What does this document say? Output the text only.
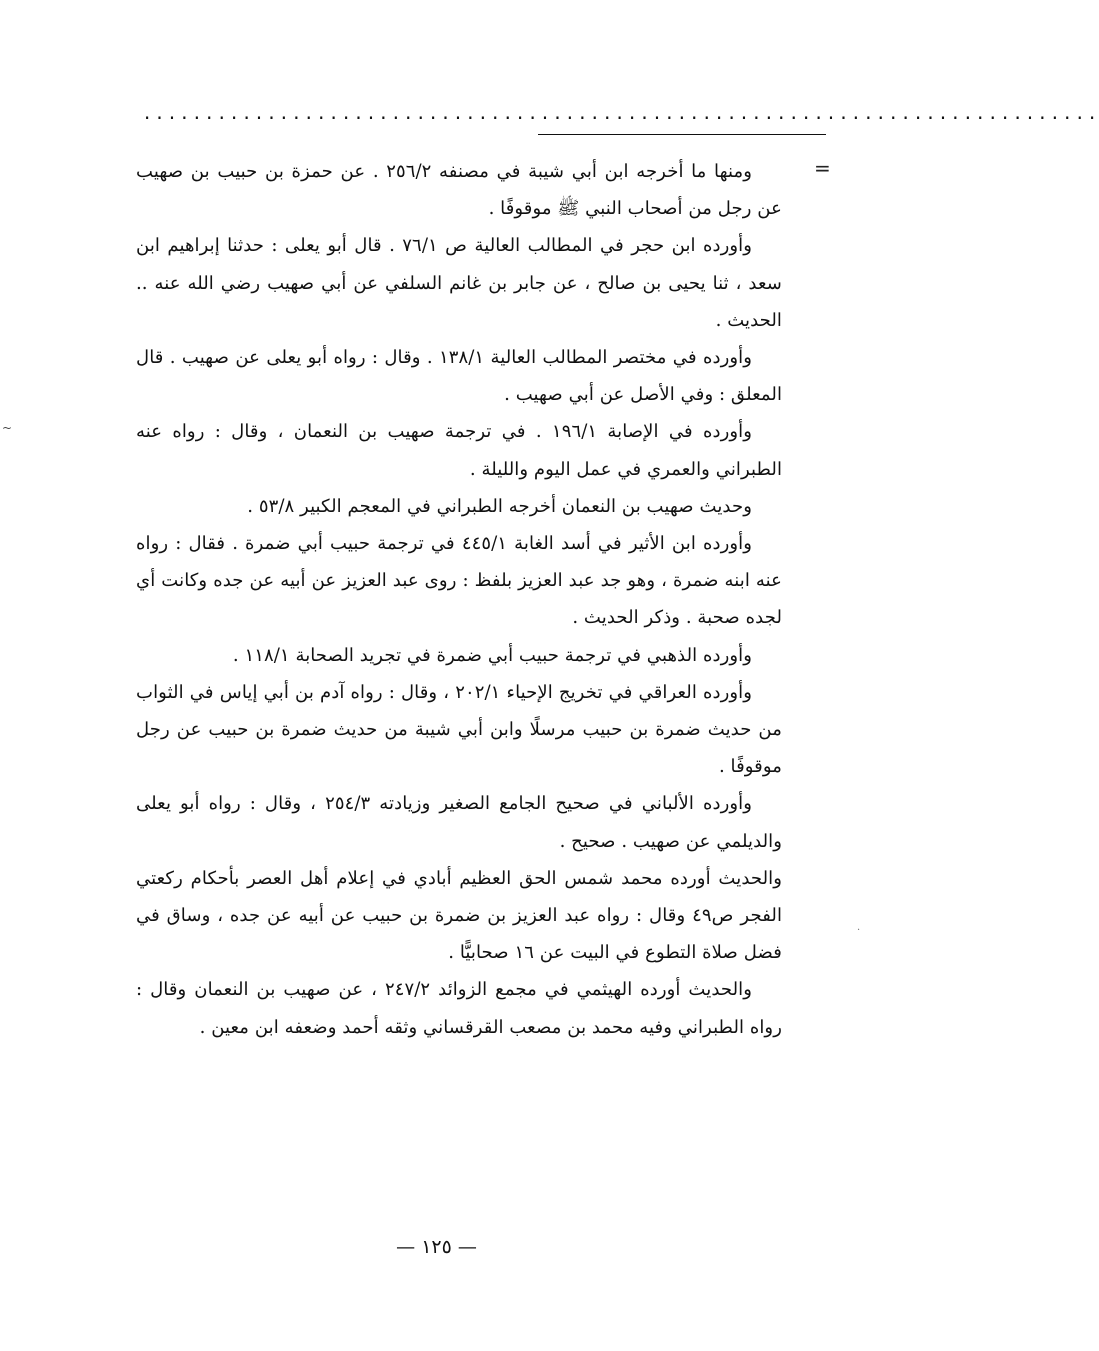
.............................................................................
=
~
·

ومنها ما أخرجه ابن أبي شيبة في مصنفه ٢٥٦/٢ . عن حمزة بن حبيب بن صهيب عن رجل من أصحاب النبي ﷺ موقوفًا .

وأورده ابن حجر في المطالب العالية ص ٧٦/١ . قال أبو يعلى : حدثنا إبراهيم ابن سعد ، ثنا يحيى بن صالح ، عن جابر بن غانم السلفي عن أبي صهيب رضي الله عنه .. الحديث .

وأورده في مختصر المطالب العالية ١٣٨/١ . وقال : رواه أبو يعلى عن صهيب . قال المعلق : وفي الأصل عن أبي صهيب .

وأورده في الإصابة ١٩٦/١ . في ترجمة صهيب بن النعمان ، وقال : رواه عنه الطبراني والعمري في عمل اليوم والليلة .

وحديث صهيب بن النعمان أخرجه الطبراني في المعجم الكبير ٥٣/٨ .

وأورده ابن الأثير في أسد الغابة ٤٤٥/١ في ترجمة حبيب أبي ضمرة . فقال : رواه عنه ابنه ضمرة ، وهو جد عبد العزيز بلفظ : روى عبد العزيز عن أبيه عن جده وكانت أي لجده صحبة . وذكر الحديث .

وأورده الذهبي في ترجمة حبيب أبي ضمرة في تجريد الصحابة ١١٨/١ .

وأورده العراقي في تخريج الإحياء ٢٠٢/١ ، وقال : رواه آدم بن أبي إياس في الثواب من حديث ضمرة بن حبيب مرسلًا وابن أبي شيبة من حديث ضمرة بن حبيب عن رجل موقوفًا .

وأورده الألباني في صحيح الجامع الصغير وزيادته ٢٥٤/٣ ، وقال : رواه أبو يعلى والديلمي عن صهيب . صحيح .

والحديث أورده محمد شمس الحق العظيم أبادي في إعلام أهل العصر بأحكام ركعتي الفجر ص٤٩ وقال : رواه عبد العزيز بن ضمرة بن حبيب عن أبيه عن جده ، وساق في فضل صلاة التطوع في البيت عن ١٦ صحابيًّا .

والحديث أورده الهيثمي في مجمع الزوائد ٢٤٧/٢ ، عن صهيب بن النعمان وقال : رواه الطبراني وفيه محمد بن مصعب القرقساني وثقه أحمد وضعفه ابن معين .

— ١٢٥ —
